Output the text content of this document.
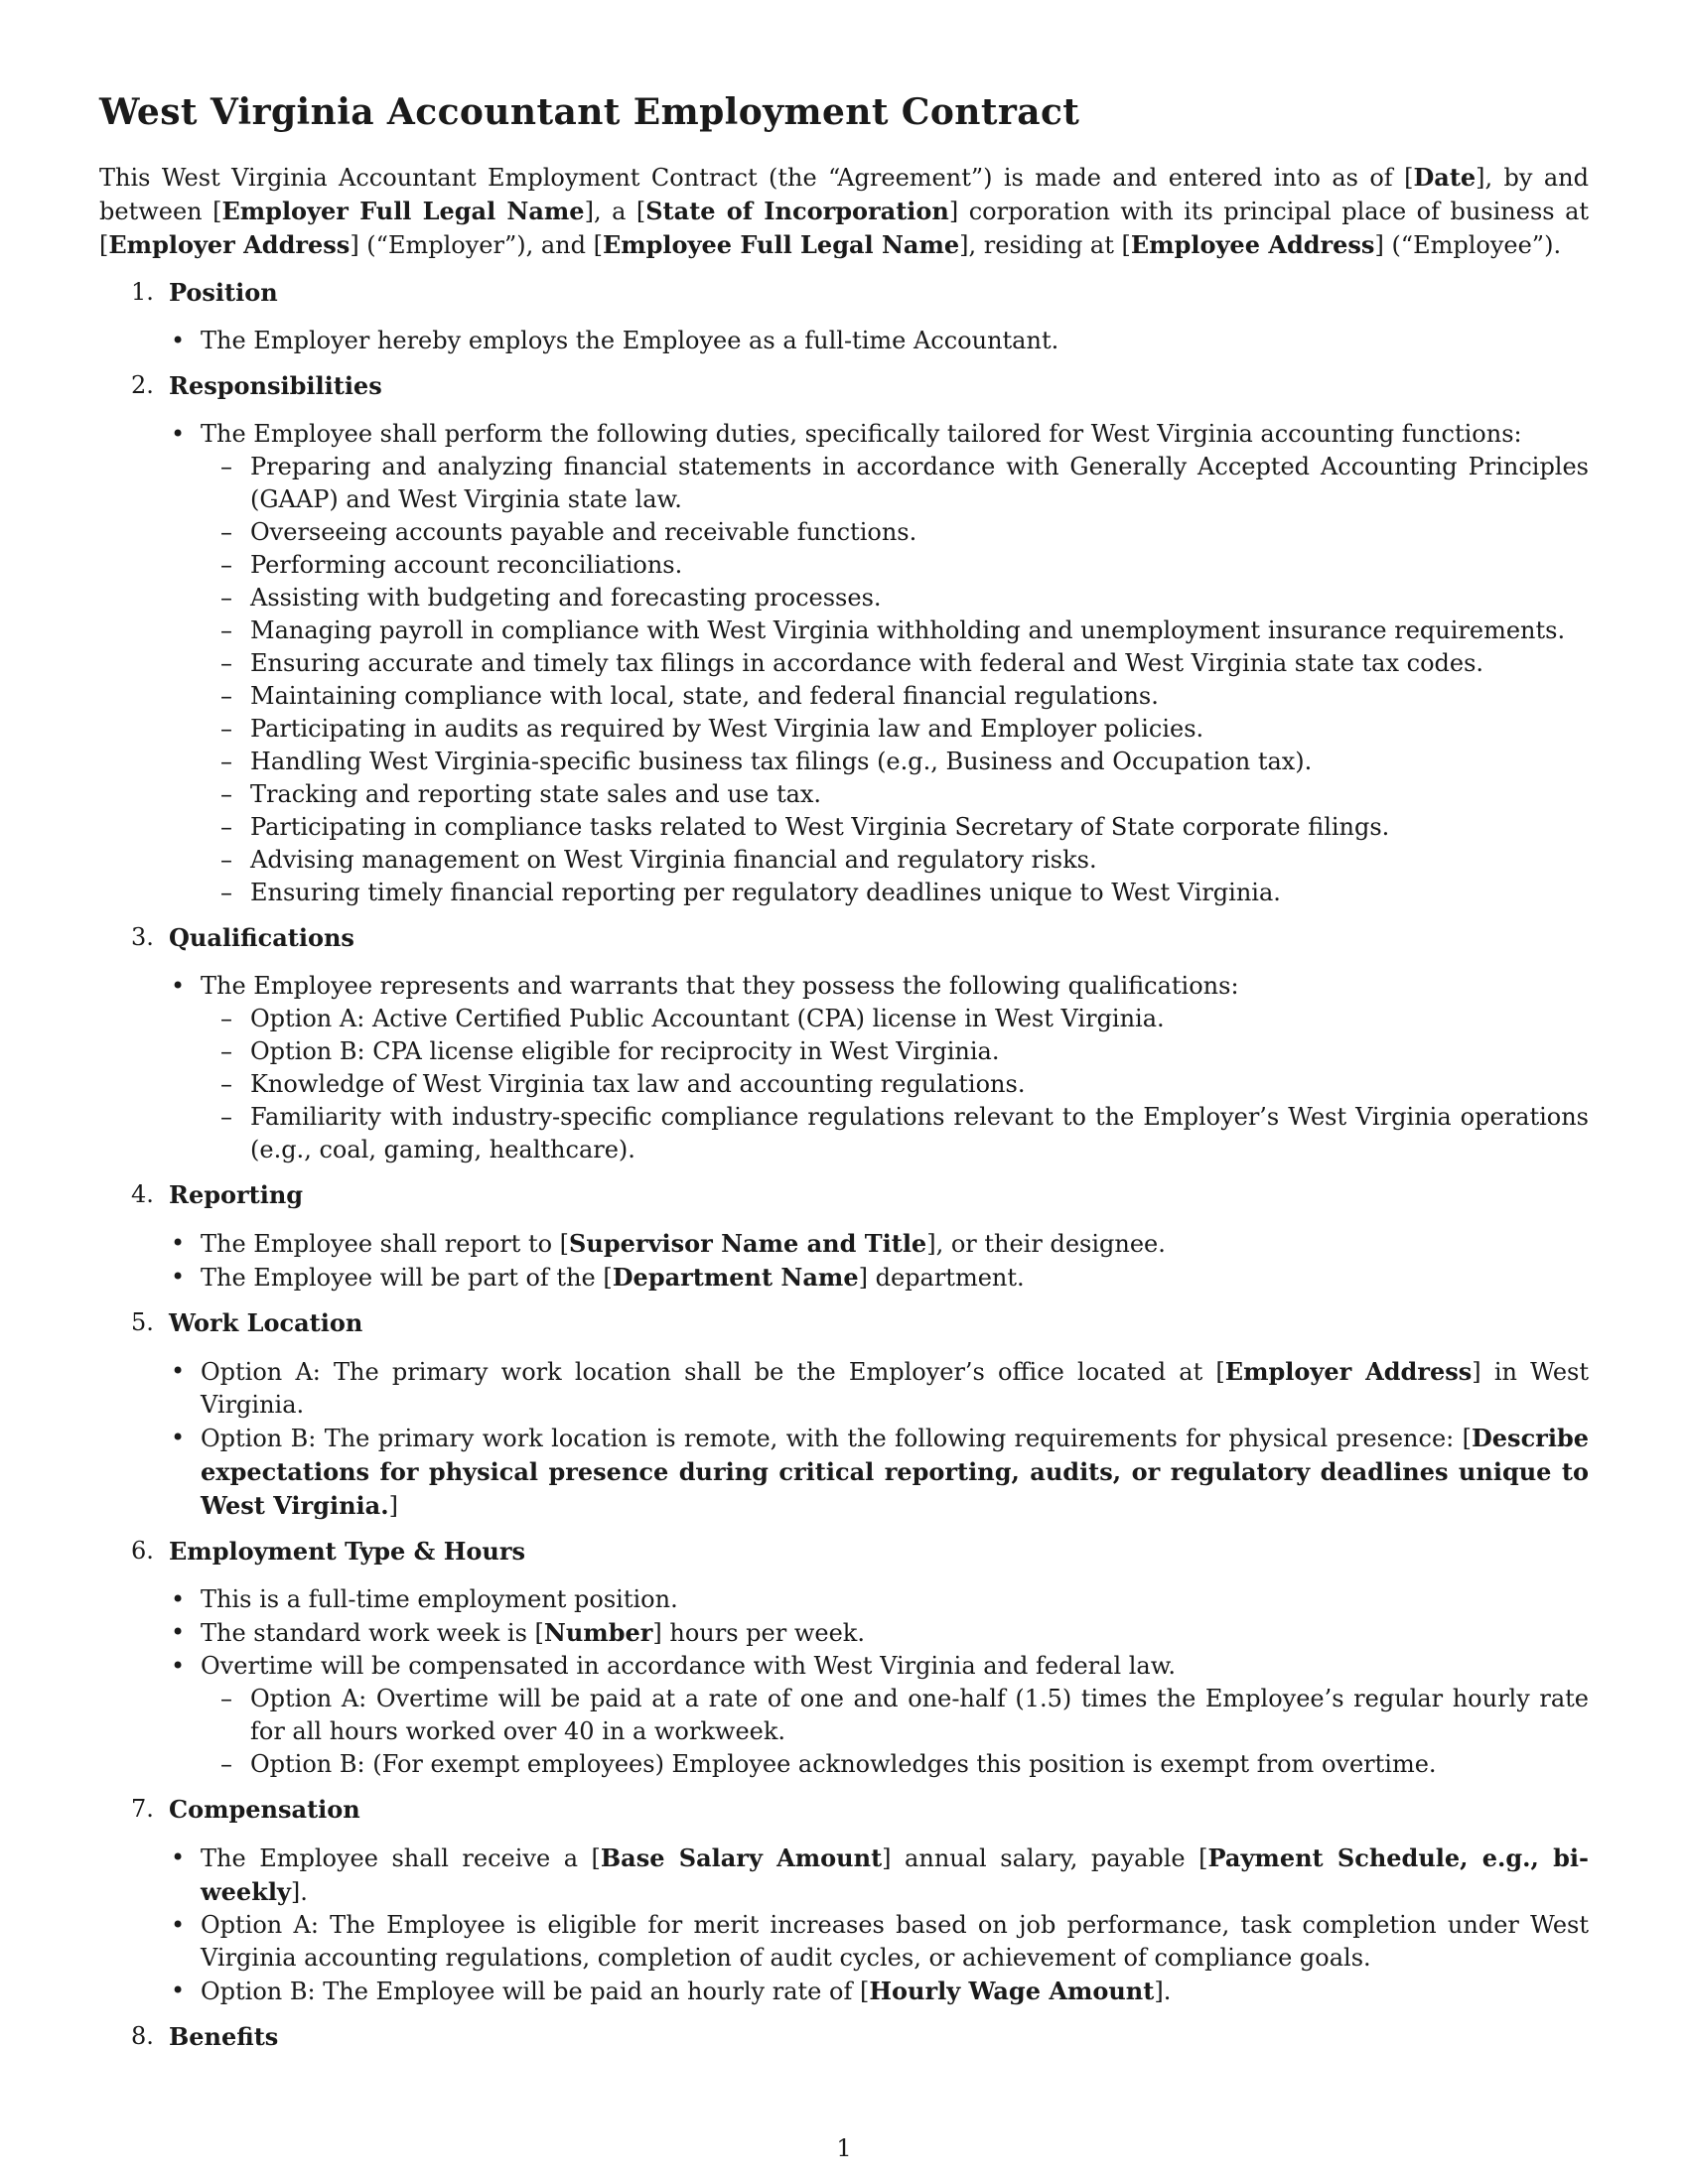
West Virginia Accountant Employment Contract

This West Virginia Accountant Employment Contract (the “Agreement”) is made and entered into as of [Date], by and between [Employer Full Legal Name], a [State of Incorporation] corporation with its principal place of business at [Employer Address] (“Employer”), and [Employee Full Legal Name], residing at [Employee Address] (“Employee”).

1. Position
• The Employer hereby employs the Employee as a full-time Accountant.
2. Responsibilities
• The Employee shall perform the following duties, specifically tailored for West Virginia accounting functions:
– Preparing and analyzing financial statements in accordance with Generally Accepted Accounting Principles (GAAP) and West Virginia state law.
– Overseeing accounts payable and receivable functions.
– Performing account reconciliations.
– Assisting with budgeting and forecasting processes.
– Managing payroll in compliance with West Virginia withholding and unemployment insurance requirements.
– Ensuring accurate and timely tax filings in accordance with federal and West Virginia state tax codes.
– Maintaining compliance with local, state, and federal financial regulations.
– Participating in audits as required by West Virginia law and Employer policies.
– Handling West Virginia-specific business tax filings (e.g., Business and Occupation tax).
– Tracking and reporting state sales and use tax.
– Participating in compliance tasks related to West Virginia Secretary of State corporate filings.
– Advising management on West Virginia financial and regulatory risks.
– Ensuring timely financial reporting per regulatory deadlines unique to West Virginia.
3. Qualifications
• The Employee represents and warrants that they possess the following qualifications:
– Option A: Active Certified Public Accountant (CPA) license in West Virginia.
– Option B: CPA license eligible for reciprocity in West Virginia.
– Knowledge of West Virginia tax law and accounting regulations.
– Familiarity with industry-specific compliance regulations relevant to the Employer’s West Virginia operations (e.g., coal, gaming, healthcare).
4. Reporting
• The Employee shall report to [Supervisor Name and Title], or their designee.
• The Employee will be part of the [Department Name] department.
5. Work Location
• Option A: The primary work location shall be the Employer’s office located at [Employer Address] in West Virginia.
• Option B: The primary work location is remote, with the following requirements for physical presence: [Describe expectations for physical presence during critical reporting, audits, or regulatory deadlines unique to West Virginia.]
6. Employment Type & Hours
• This is a full-time employment position.
• The standard work week is [Number] hours per week.
• Overtime will be compensated in accordance with West Virginia and federal law.
– Option A: Overtime will be paid at a rate of one and one-half (1.5) times the Employee’s regular hourly rate for all hours worked over 40 in a workweek.
– Option B: (For exempt employees) Employee acknowledges this position is exempt from overtime.
7. Compensation
• The Employee shall receive a [Base Salary Amount] annual salary, payable [Payment Schedule, e.g., bi-weekly].
• Option A: The Employee is eligible for merit increases based on job performance, task completion under West Virginia accounting regulations, completion of audit cycles, or achievement of compliance goals.
• Option B: The Employee will be paid an hourly rate of [Hourly Wage Amount].
8. Benefits
1
